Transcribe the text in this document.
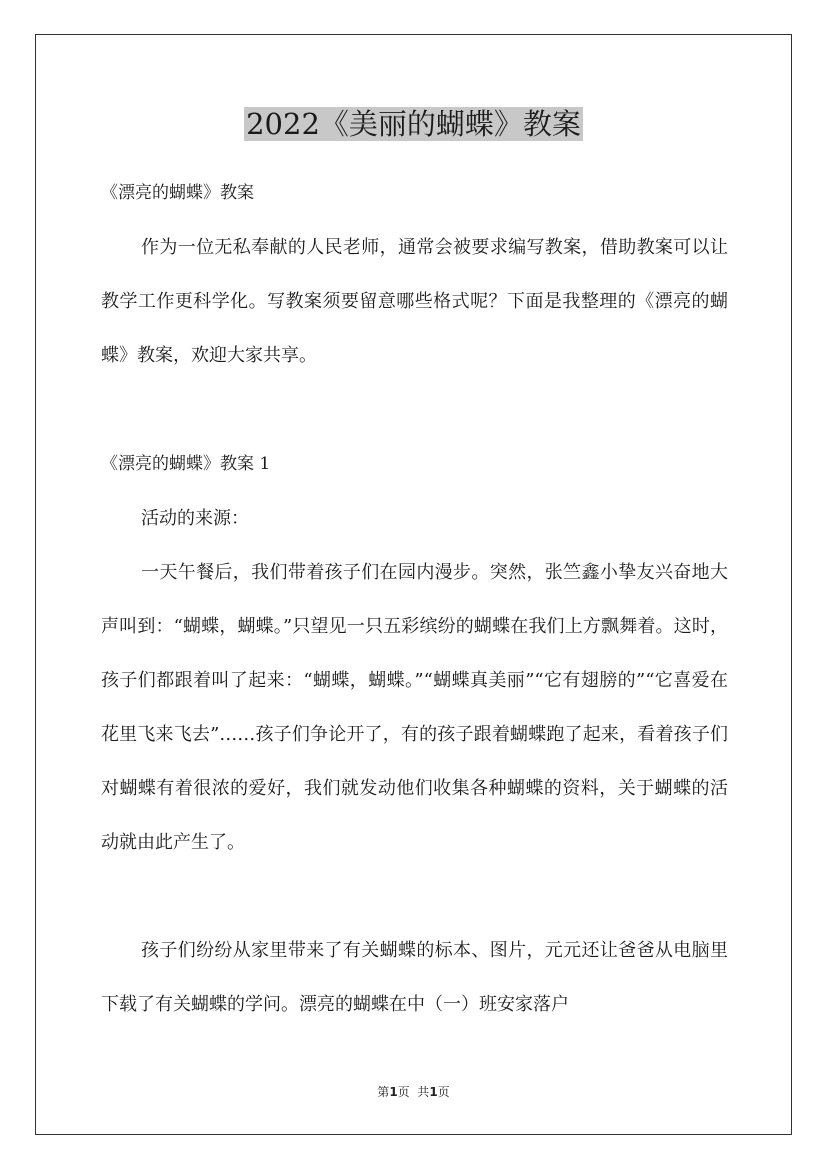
2022《美丽的蝴蝶》教案

《漂亮的蝴蝶》教案

作为一位无私奉献的人民老师，通常会被要求编写教案，借助教案可以让教学工作更科学化。写教案须要留意哪些格式呢？下面是我整理的《漂亮的蝴蝶》教案，欢迎大家共享。

《漂亮的蝴蝶》教案 1

活动的来源：

一天午餐后，我们带着孩子们在园内漫步。突然，张竺鑫小挚友兴奋地大声叫到：“蝴蝶，蝴蝶。”只望见一只五彩缤纷的蝴蝶在我们上方飘舞着。这时，孩子们都跟着叫了起来：“蝴蝶，蝴蝶。”“蝴蝶真美丽”“它有翅膀的”“它喜爱在花里飞来飞去”……孩子们争论开了，有的孩子跟着蝴蝶跑了起来，看着孩子们对蝴蝶有着很浓的爱好，我们就发动他们收集各种蝴蝶的资料，关于蝴蝶的活动就由此产生了。

孩子们纷纷从家里带来了有关蝴蝶的标本、图片，元元还让爸爸从电脑里下载了有关蝴蝶的学问。漂亮的蝴蝶在中（一）班安家落户

第1页  共1页
